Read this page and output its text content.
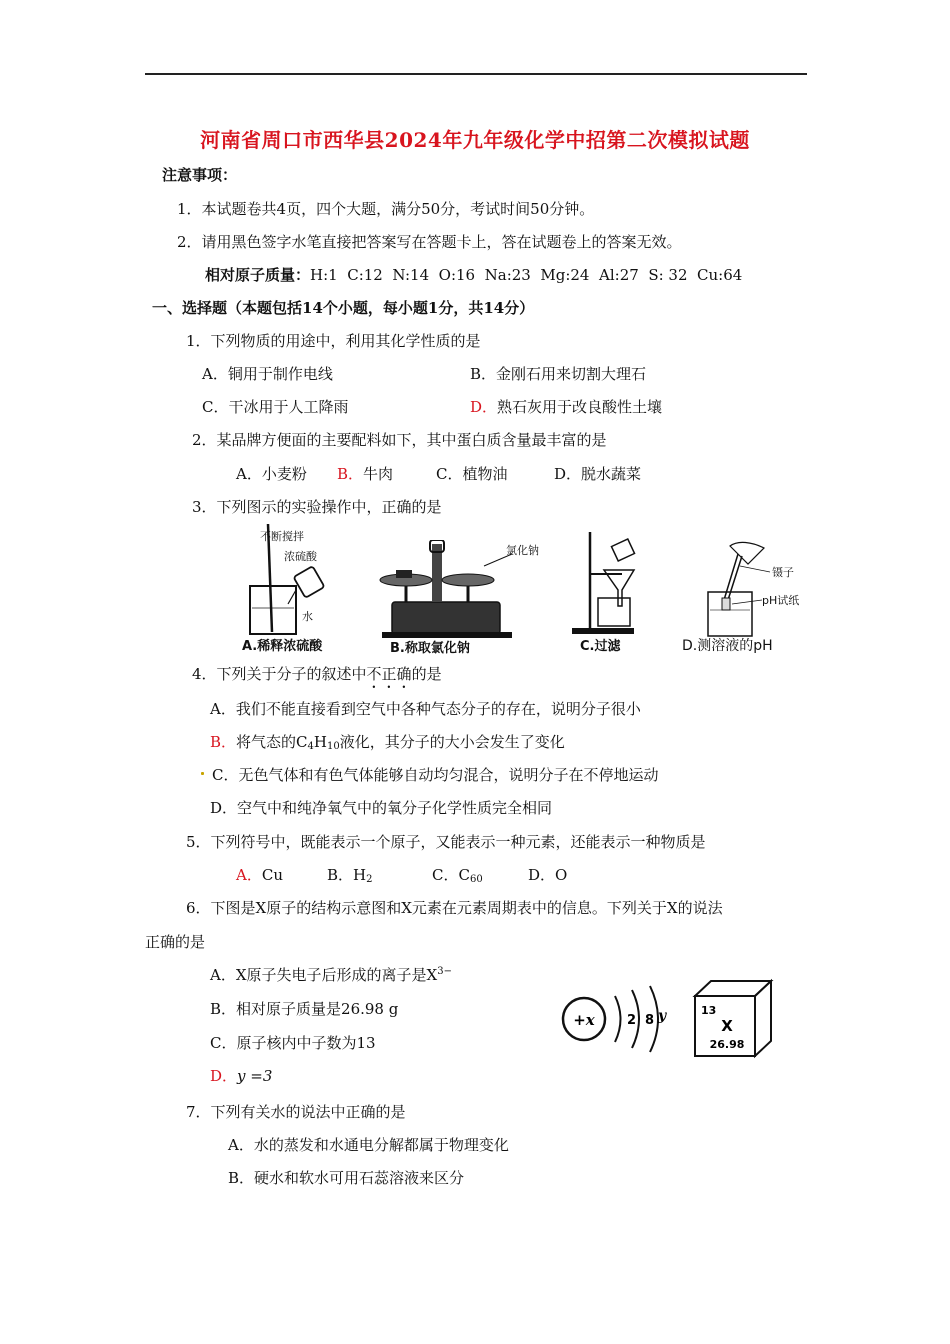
河南省周口市西华县2024年九年级化学中招第二次模拟试题
注意事项：
1．本试题卷共4页，四个大题，满分50分，考试时间50分钟。
2．请用黑色签字水笔直接把答案写在答题卡上，答在试题卷上的答案无效。
相对原子质量：H:1  C:12  N:14  O:16  Na:23  Mg:24  Al:27  S: 32  Cu:64
一、选择题（本题包括14个小题，每小题1分，共14分）
1．下列物质的用途中，利用其化学性质的是
A．铜用于制作电线	B．金刚石用来切割大理石
C．干冰用于人工降雨	D．熟石灰用于改良酸性土壤
2．某品牌方便面的主要配料如下，其中蛋白质含量最丰富的是
A．小麦粉 B．牛肉	C．植物油	D．脱水蔬菜
3．下列图示的实验操作中，正确的是
不断搅拌
浓硫酸
水
A.稀释浓硫酸
氯化钠
B.称取氯化钠	C.过滤
镊子
pH试纸
D.测溶液的pH
4．下列关于分子的叙述中不正确的是
A．我们不能直接看到空气中各种气态分子的存在，说明分子很小
B．将气态的$C_4H_{10}$液化，其分子的大小会发生了变化
C．无色气体和有色气体能够自动均匀混合，说明分子在不停地运动
D．空气中和纯净氧气中的氧分子化学性质完全相同
5．下列符号中，既能表示一个原子，又能表示一种元素，还能表示一种物质是
A．Cu	B．$H_2$	C．$C_{60}$	D．O
6．下图是X原子的结构示意图和X元素在元素周期表中的信息。下列关于X的说法
正确的是
A．X原子失电子后形成的离子是$X^{3-}$
B．相对原子质量是26.98 g
C．原子核内中子数为13
D．y =3
+x 2 8 y	13
X
26.98
7．下列有关水的说法中正确的是
A．水的蒸发和水通电分解都属于物理变化
B．硬水和软水可用石蕊溶液来区分
